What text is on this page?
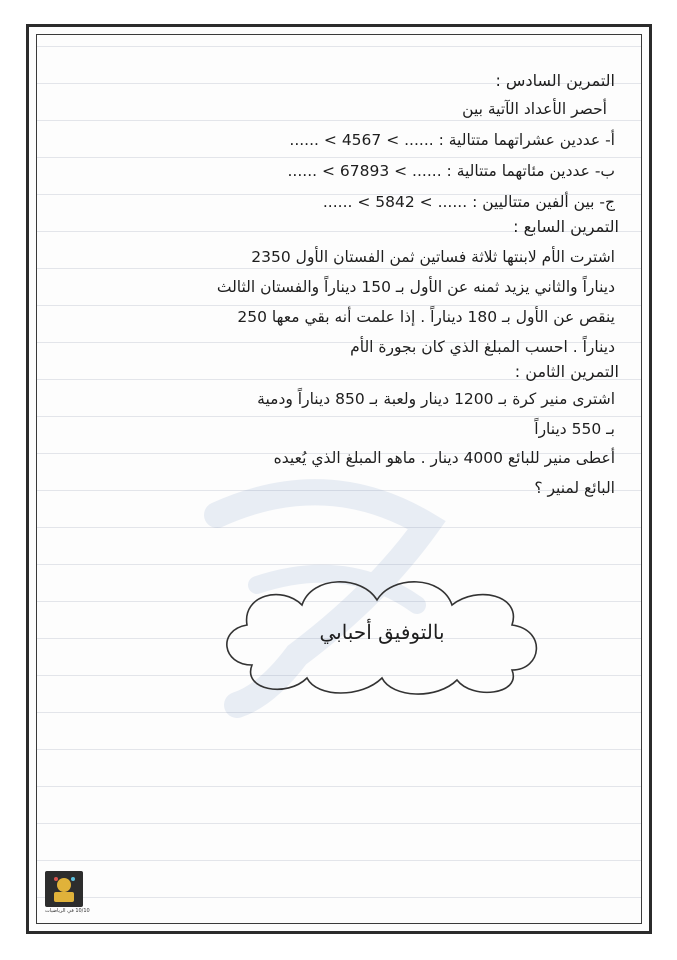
التمرين السادس :
أحصر الأعداد الآتية بين
أ- عددين عشراتهما متتالية : ...... > 4567 > ......
ب- عددين مئاتهما متتالية : ...... > 67893 > ......
ج- بين ألفين متتاليين : ...... > 5842 > ......
التمرين السابع :
اشترت الأم لابنتها ثلاثة فساتين ثمن الفستان الأول 2350
ديناراً والثاني يزيد ثمنه عن الأول بـ 150 ديناراً والفستان الثالث
ينقص عن الأول بـ 180 ديناراً . إذا علمت أنه بقي معها 250
ديناراً . احسب المبلغ الذي كان بجورة الأم
التمرين الثامن :
اشترى منير كرة بـ 1200 دينار ولعبة بـ 850 ديناراً ودمية
بـ 550 ديناراً
أعطى منير للبائع 4000 دينار . ماهو المبلغ الذي يُعيده
البائع لمنير ؟
بالتوفيق أحبابي
10/10 في الرياضيات
